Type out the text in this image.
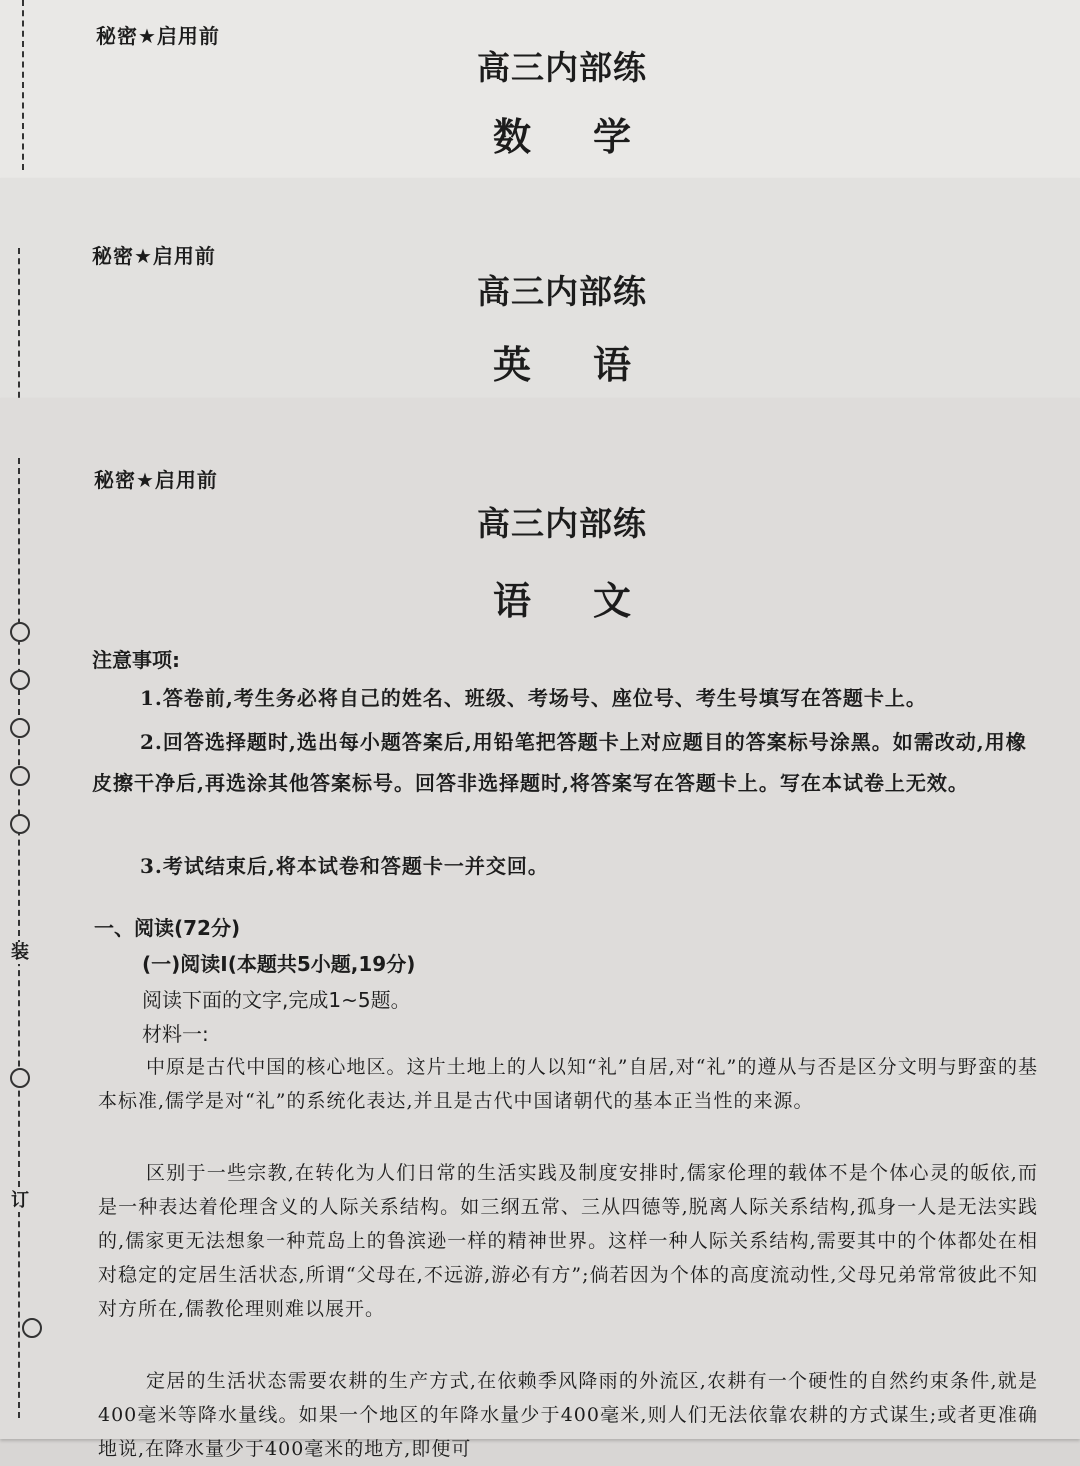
秘密★启用前
高三内部练
数学
秘密★启用前
高三内部练
英语
秘密★启用前
高三内部练
语文
装
订
注意事项:
1.答卷前,考生务必将自己的姓名、班级、考场号、座位号、考生号填写在答题卡上。
2.回答选择题时,选出每小题答案后,用铅笔把答题卡上对应题目的答案标号涂黑。如需改动,用橡皮擦干净后,再选涂其他答案标号。回答非选择题时,将答案写在答题卡上。写在本试卷上无效。
3.考试结束后,将本试卷和答题卡一并交回。
一、阅读(72分)
(一)阅读Ⅰ(本题共5小题,19分)
阅读下面的文字,完成1~5题。
材料一:
中原是古代中国的核心地区。这片土地上的人以知“礼”自居,对“礼”的遵从与否是区分文明与野蛮的基本标准,儒学是对“礼”的系统化表达,并且是古代中国诸朝代的基本正当性的来源。
区别于一些宗教,在转化为人们日常的生活实践及制度安排时,儒家伦理的载体不是个体心灵的皈依,而是一种表达着伦理含义的人际关系结构。如三纲五常、三从四德等,脱离人际关系结构,孤身一人是无法实践的,儒家更无法想象一种荒岛上的鲁滨逊一样的精神世界。这样一种人际关系结构,需要其中的个体都处在相对稳定的定居生活状态,所谓“父母在,不远游,游必有方”;倘若因为个体的高度流动性,父母兄弟常常彼此不知对方所在,儒教伦理则难以展开。
定居的生活状态需要农耕的生产方式,在依赖季风降雨的外流区,农耕有一个硬性的自然约束条件,就是400毫米等降水量线。如果一个地区的年降水量少于400毫米,则人们无法依靠农耕的方式谋生;或者更准确地说,在降水量少于400毫米的地方,即便可
